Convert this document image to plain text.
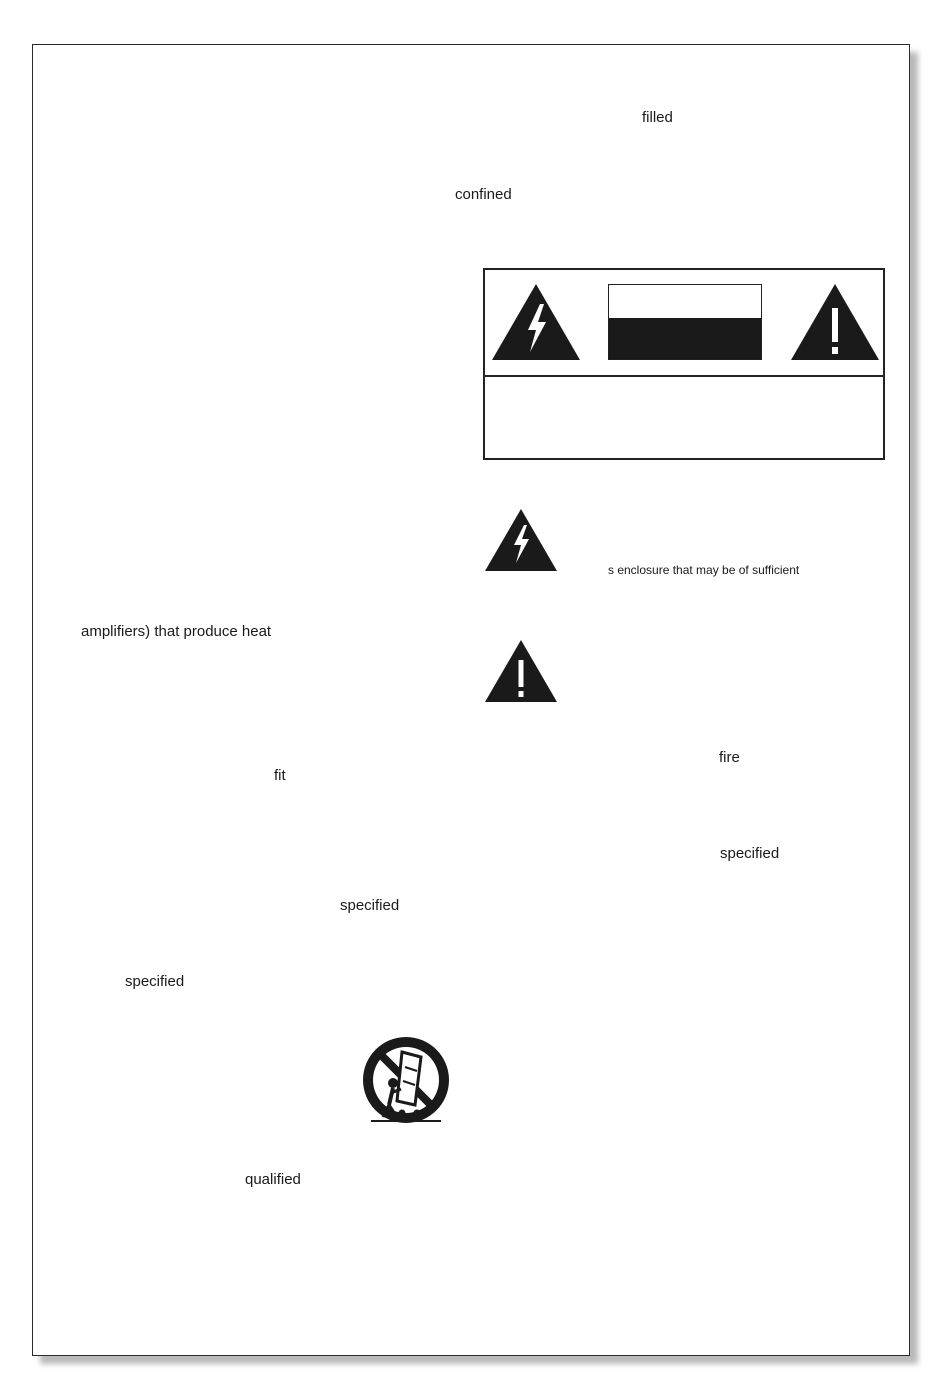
filled
confined
s enclosure that may be of sufficient
amplifiers) that produce heat
fire
fit
specified
specified
specified
qualified
